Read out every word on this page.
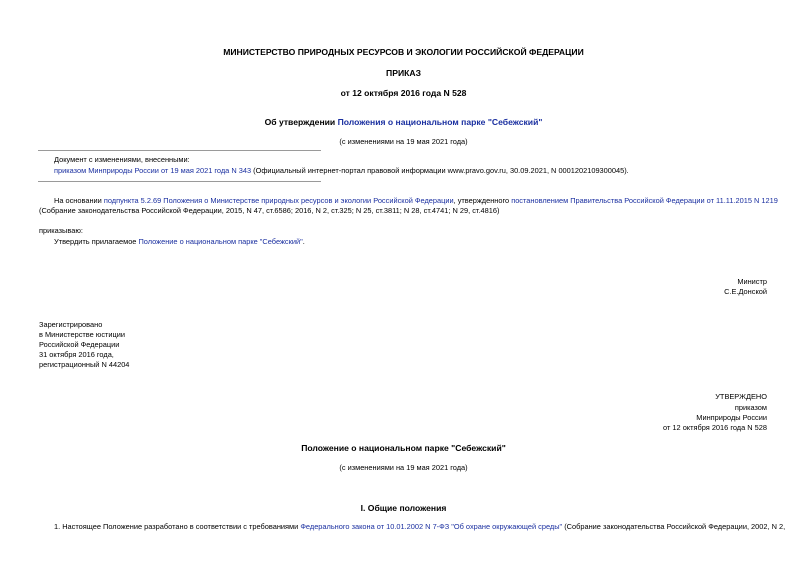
МИНИСТЕРСТВО ПРИРОДНЫХ РЕСУРСОВ И ЭКОЛОГИИ РОССИЙСКОЙ ФЕДЕРАЦИИ
ПРИКАЗ
от 12 октября 2016 года N 528
Об утверждении Положения о национальном парке "Себежский"
(с изменениями на 19 мая 2021 года)
Документ с изменениями, внесенными:
приказом Минприроды России от 19 мая 2021 года N 343 (Официальный интернет-портал правовой информации www.pravo.gov.ru, 30.09.2021, N 0001202109300045).
На основании подпункта 5.2.69 Положения о Министерстве природных ресурсов и экологии Российской Федерации, утвержденного постановлением Правительства Российской Федерации от 11.11.2015 N 1219
(Собрание законодательства Российской Федерации, 2015, N 47, ст.6586; 2016, N 2, ст.325; N 25, ст.3811; N 28, ст.4741; N 29, ст.4816)
приказываю:
Утвердить прилагаемое Положение о национальном парке "Себежский".
Министр
С.Е.Донской
Зарегистрировано
в Министерстве юстиции
Российской Федерации
31 октября 2016 года,
регистрационный N 44204
УТВЕРЖДЕНО
приказом
Минприроды России
от 12 октября 2016 года N 528
Положение о национальном парке "Себежский"
(с изменениями на 19 мая 2021 года)
I. Общие положения
1. Настоящее Положение разработано в соответствии с требованиями Федерального закона от 10.01.2002 N 7-ФЗ "Об охране окружающей среды" (Собрание законодательства Российской Федерации, 2002, N 2,
